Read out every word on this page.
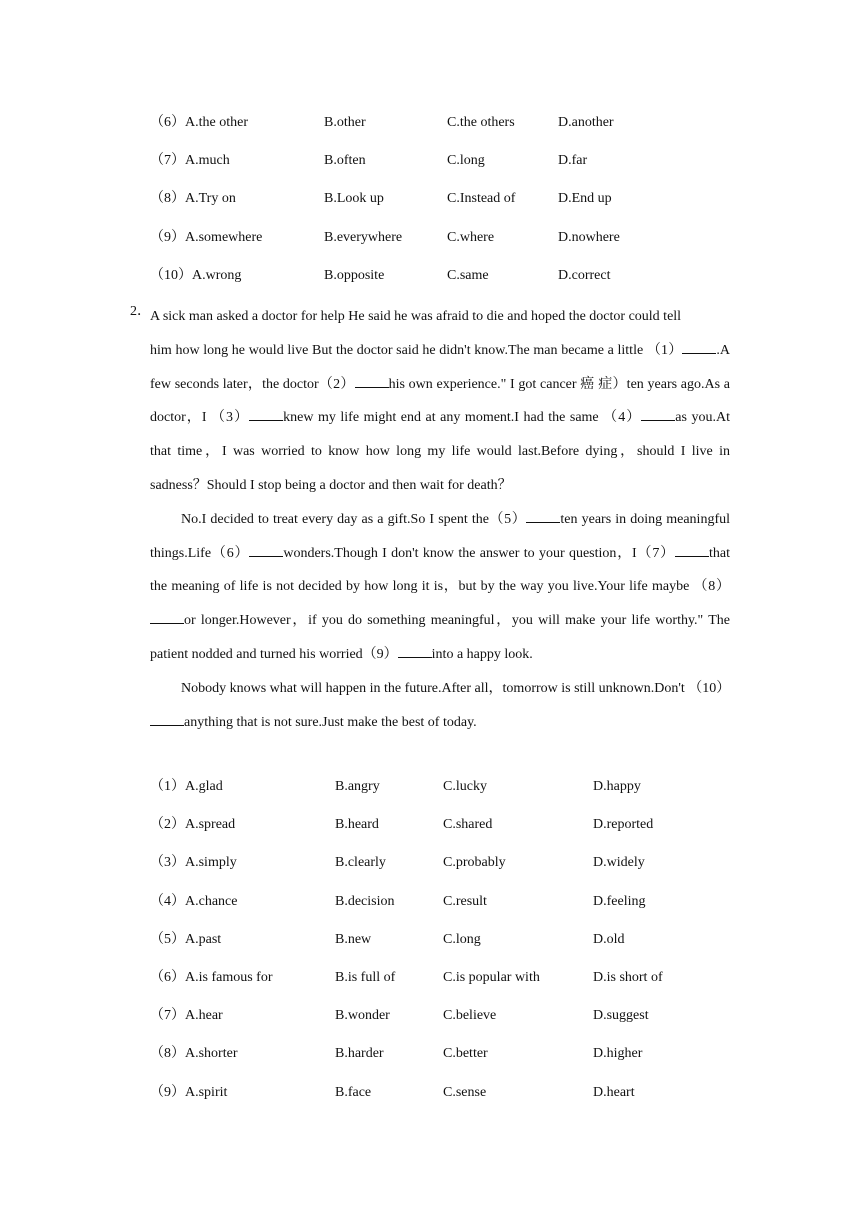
（6）A.the other	B.other	C.the others	D.another
（7）A.much	B.often	C.long	D.far
（8）A.Try on	B.Look up	C.Instead of	D.End up
（9）A.somewhere	B.everywhere	C.where	D.nowhere
（10）A.wrong	B.opposite	C.same	D.correct
2． A sick man asked a doctor for help He said he was afraid to die and hoped the doctor could tell

him how long he would live But the doctor said he didn't know.The man became a little （1） .A few seconds later，the doctor（2） his own experience." I got cancer 癌 症）ten years ago.As a doctor，I （3） knew my life might end at any moment.I had the same （4） as you.At that time，I was worried to know how long my life would last.Before dying，should I live in sadness？Should I stop being a doctor and then wait for death？

No.I decided to treat every day as a gift.So I spent the（5） ten years in doing meaningful things.Life（6） wonders.Though I don't know the answer to your question，I（7） that the meaning of life is not decided by how long it is，but by the way you live.Your life maybe （8）or longer.However，if you do something meaningful，you will make your life worthy." The patient nodded and turned his worried（9） into a happy look.

Nobody knows what will happen in the future.After all，tomorrow is still unknown.Don't （10）anything that is not sure.Just make the best of today.

（1）A.glad	B.angry	C.lucky	D.happy
（2）A.spread	B.heard	C.shared	D.reported
（3）A.simply	B.clearly	C.probably	D.widely
（4）A.chance	B.decision	C.result	D.feeling
（5）A.past	B.new	C.long	D.old
（6）A.is famous for	B.is full of	C.is popular with	D.is short of
（7）A.hear	B.wonder	C.believe	D.suggest
（8）A.shorter	B.harder	C.better	D.higher
（9）A.spirit	B.face	C.sense	D.heart
